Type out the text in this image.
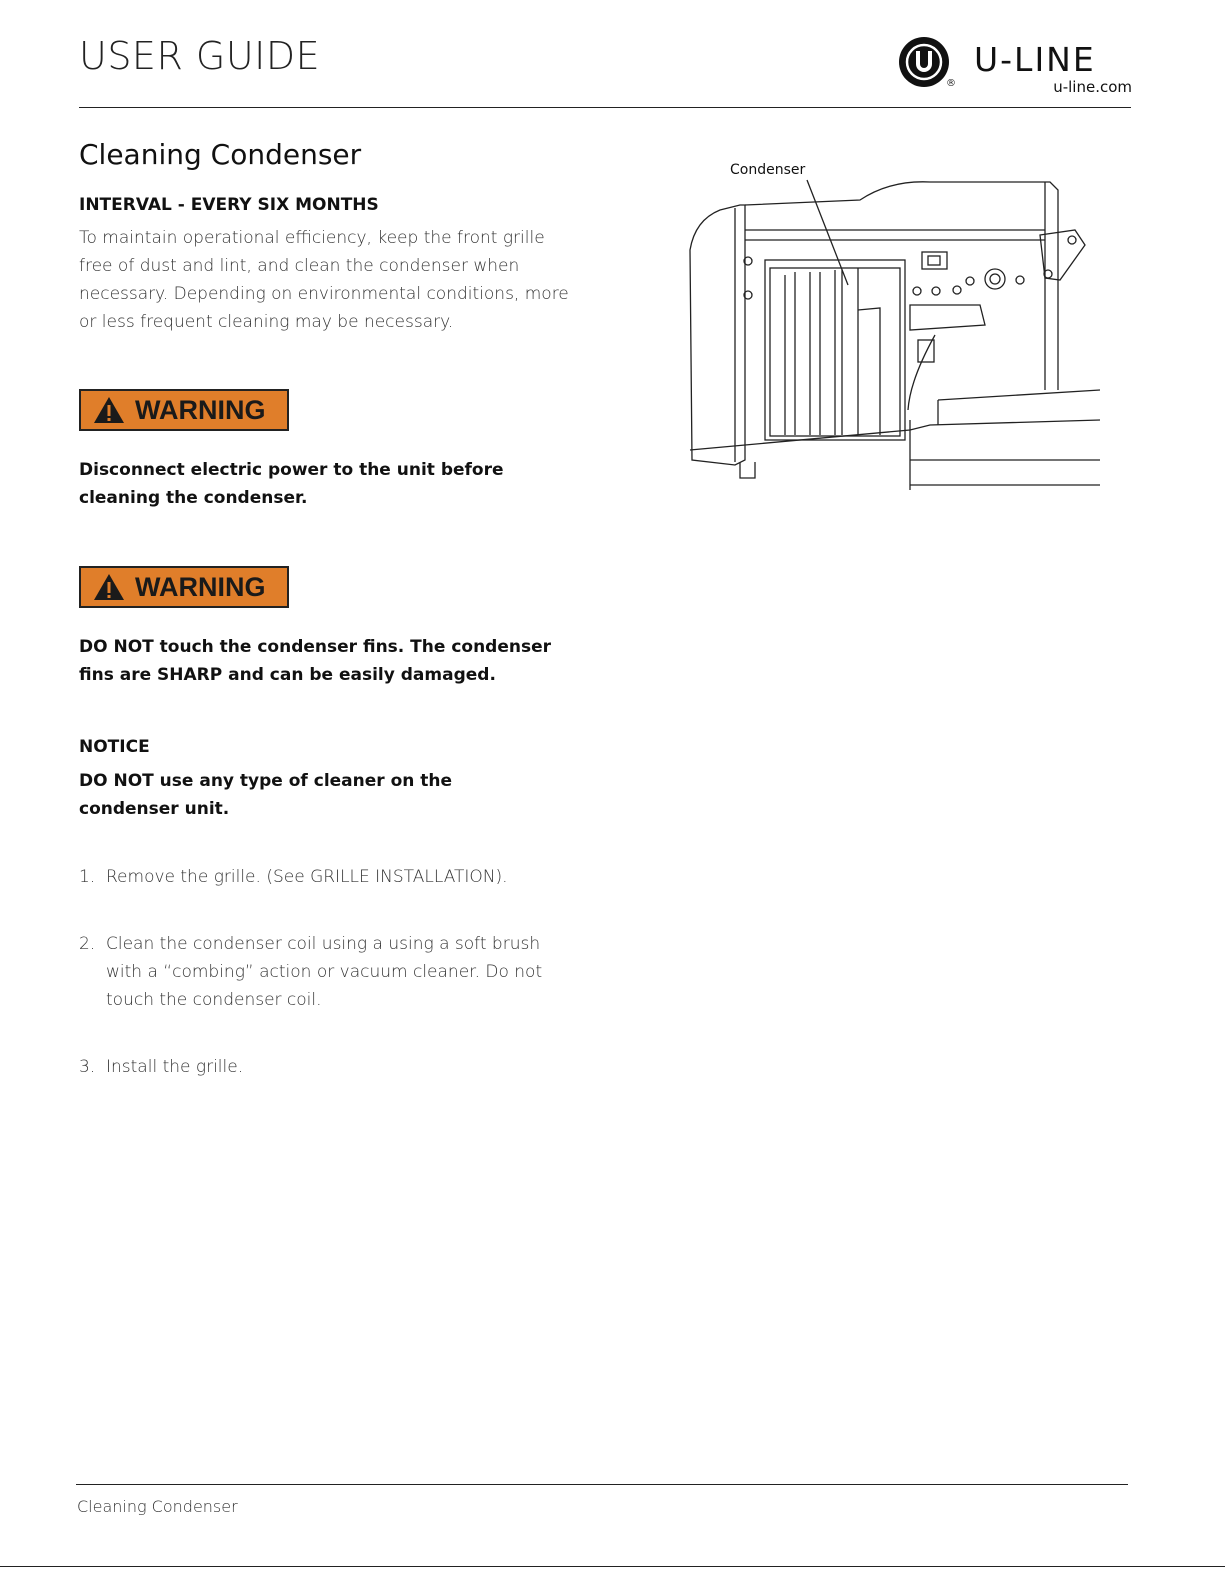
USER GUIDE
®
U-LINE
u-line.com
Cleaning Condenser
INTERVAL - EVERY SIX MONTHS
To maintain operational efficiency, keep the front grille
free of dust and lint, and clean the condenser when
necessary. Depending on environmental conditions, more
or less frequent cleaning may be necessary.
WARNING
Disconnect electric power to the unit before
cleaning the condenser.
WARNING
DO NOT touch the condenser fins. The condenser
fins are SHARP and can be easily damaged.
NOTICE
DO NOT use any type of cleaner on the
condenser unit.
1. Remove the grille. (See GRILLE INSTALLATION).
2. Clean the condenser coil using a using a soft brush
with a “combing” action or vacuum cleaner. Do not
touch the condenser coil.
3. Install the grille.
Condenser
Cleaning Condenser
